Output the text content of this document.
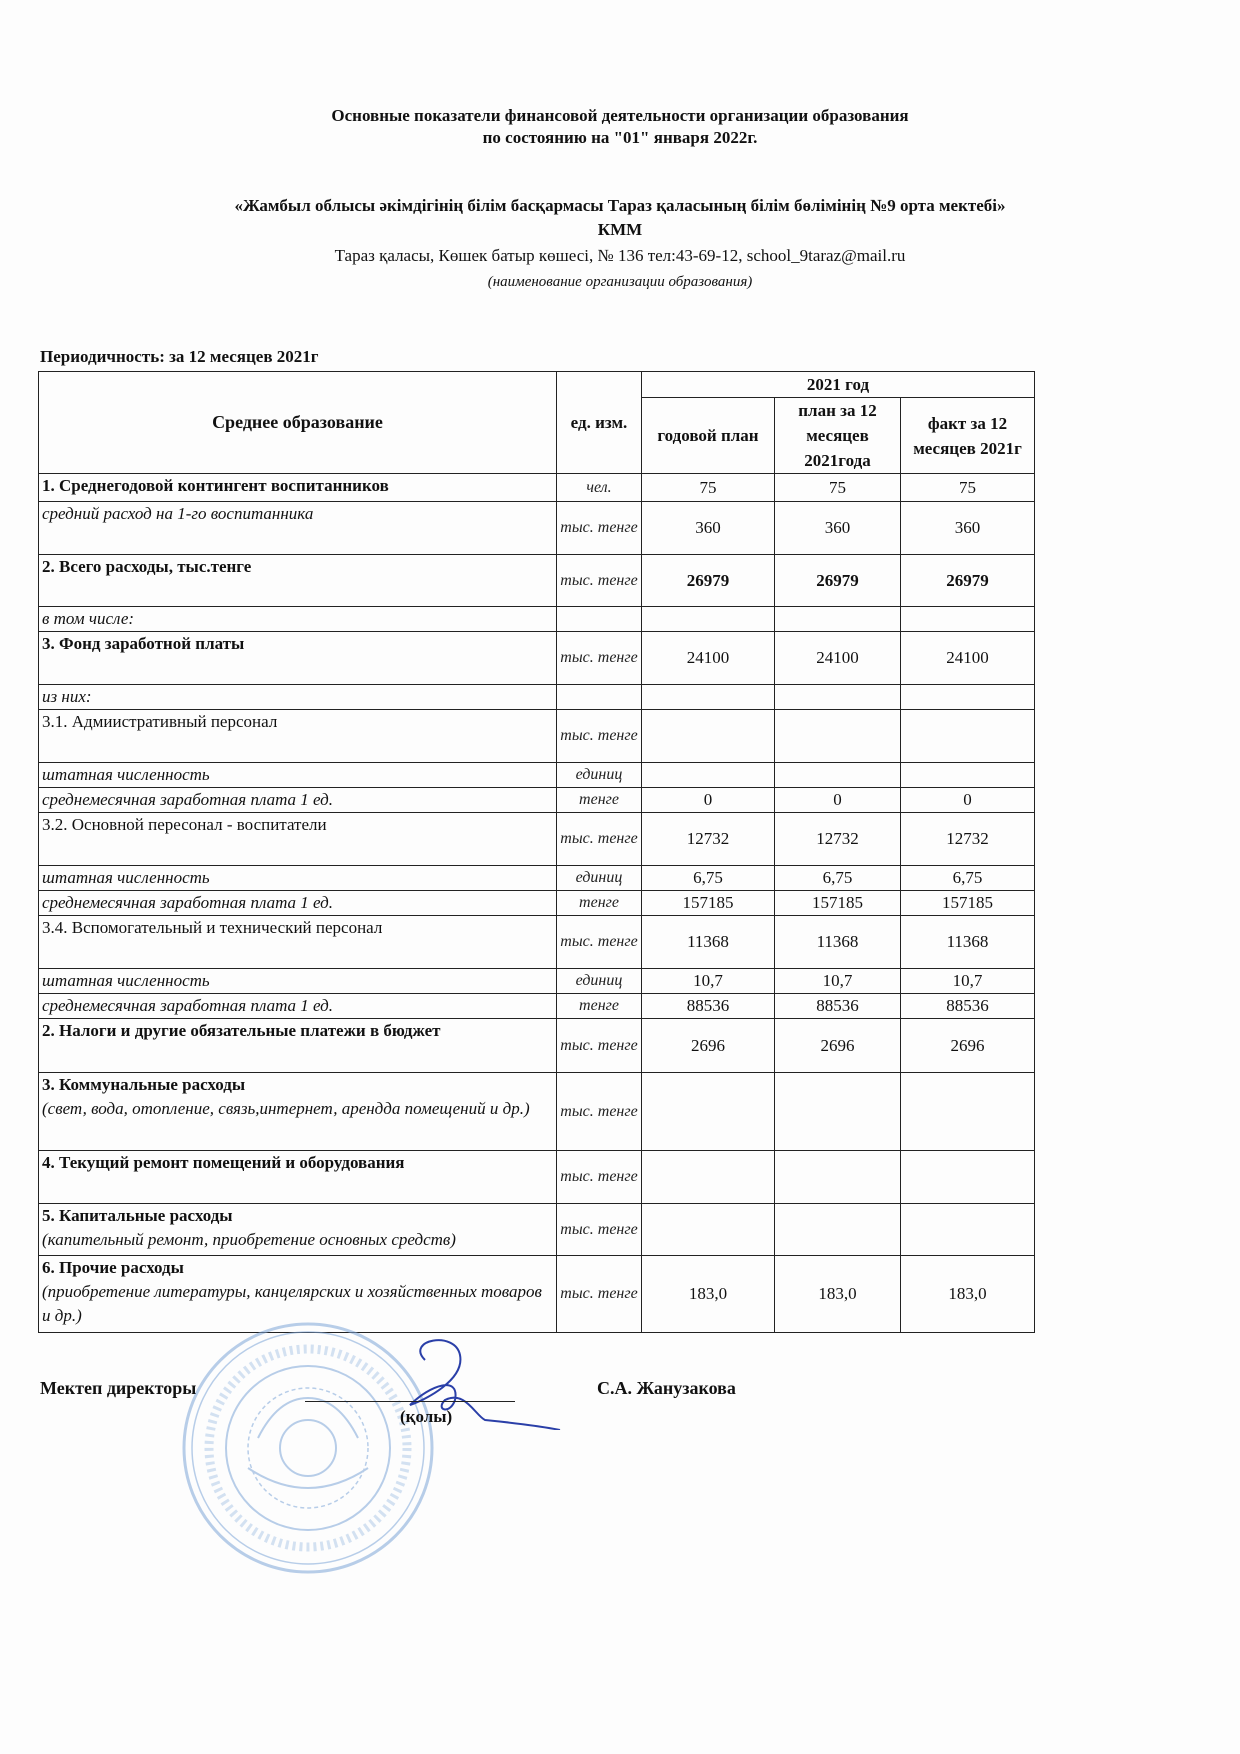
Основные показатели финансовой деятельности организации образования
по состоянию на "01" января 2022г.
«Жамбыл облысы әкімдігінің білім басқармасы Тараз қаласының білім бөлімінің №9 орта мектебі»
КММ
Тараз қаласы, Көшек батыр көшесі, № 136 тел:43-69-12, school_9taraz@mail.ru
(наименование организации образования)
Периодичность: за 12 месяцев 2021г
Среднее образование	ед. изм.	2021 год		
		годовой план	план за 12 месяцев 2021года	факт за 12 месяцев 2021г
1. Среднегодовой контингент воспитанников	чел.	75	75	75
средний расход на 1-го воспитанника	тыс. тенге	360	360	360
2. Всего расходы, тыс.тенге	тыс. тенге	26979	26979	26979
в том числе:				
3. Фонд заработной платы	тыс. тенге	24100	24100	24100
из них:				
3.1. Адмиистративный персонал	тыс. тенге			
штатная численность	единиц			
среднемесячная заработная плата 1 ед.	тенге	0	0	0
3.2. Основной пересонал - воспитатели	тыс. тенге	12732	12732	12732
штатная численность	единиц	6,75	6,75	6,75
среднемесячная заработная плата 1 ед.	тенге	157185	157185	157185
3.4. Вспомогательный и технический персонал	тыс. тенге	11368	11368	11368
штатная численность	единиц	10,7	10,7	10,7
среднемесячная заработная плата 1 ед.	тенге	88536	88536	88536
2. Налоги и другие обязательные платежи в бюджет	тыс. тенге	2696	2696	2696
3. Коммунальные расходы
(свет, вода, отопление, связь,интернет, арендда помещений и др.)	тыс. тенге			
4. Текущий ремонт помещений и оборудования	тыс. тенге			
5. Капитальные расходы
(капительный ремонт, приобретение основных средств)	тыс. тенге			
6. Прочие расходы
(приобретение литературы, канцелярских и хозяйственных товаров и др.)	тыс. тенге	183,0	183,0	183,0
Мектеп директоры
(қолы)
С.А. Жанузакова
